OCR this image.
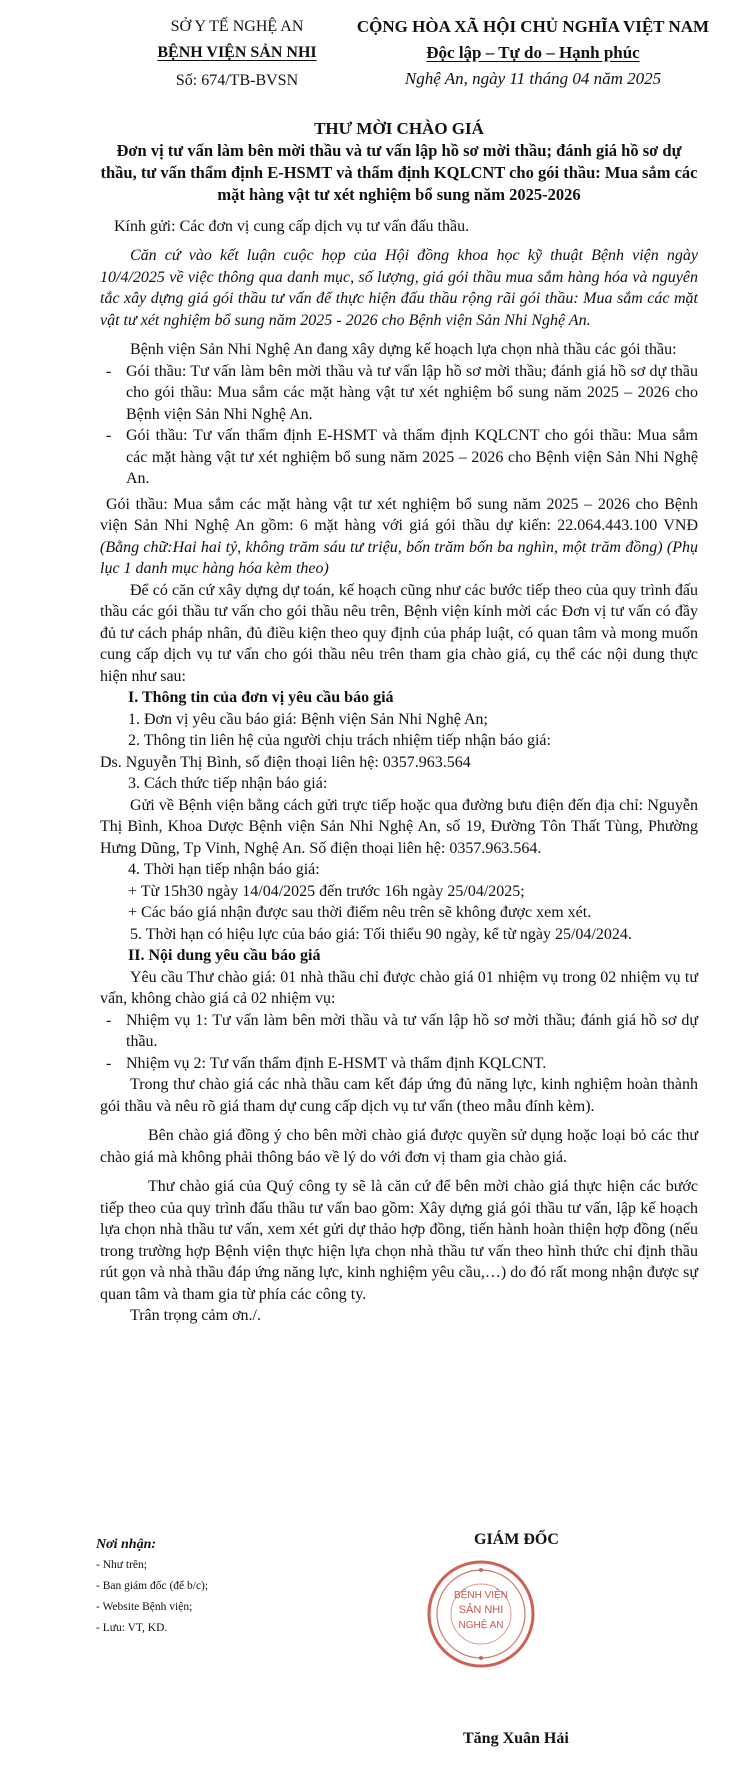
SỞ Y TẾ NGHỆ AN
BỆNH VIỆN SẢN NHI
Số: 674/TB-BVSN
CỘNG HÒA XÃ HỘI CHỦ NGHĨA VIỆT NAM
Độc lập – Tự do – Hạnh phúc
Nghệ An, ngày 11 tháng 04 năm 2025
THƯ MỜI CHÀO GIÁ
Đơn vị tư vấn làm bên mời thầu và tư vấn lập hồ sơ mời thầu; đánh giá hồ sơ dự thầu, tư vấn thẩm định E-HSMT và thẩm định KQLCNT cho gói thầu: Mua sắm các mặt hàng vật tư xét nghiệm bổ sung năm 2025-2026
Kính gửi: Các đơn vị cung cấp dịch vụ tư vấn đấu thầu.

Căn cứ vào kết luận cuộc họp của Hội đồng khoa học kỹ thuật Bệnh viện ngày 10/4/2025 về việc thông qua danh mục, số lượng, giá gói thầu mua sắm hàng hóa và nguyên tắc xây dựng giá gói thầu tư vấn để thực hiện đấu thầu rộng rãi gói thầu: Mua sắm các mặt vật tư xét nghiệm bổ sung năm 2025 - 2026 cho Bệnh viện Sản Nhi Nghệ An.

Bệnh viện Sản Nhi Nghệ An đang xây dựng kế hoạch lựa chọn nhà thầu các gói thầu:

- Gói thầu: Tư vấn làm bên mời thầu và tư vấn lập hồ sơ mời thầu; đánh giá hồ sơ dự thầu cho gói thầu: Mua sắm các mặt hàng vật tư xét nghiệm bổ sung năm 2025 – 2026 cho Bệnh viện Sản Nhi Nghệ An.
- Gói thầu: Tư vấn thẩm định E-HSMT và thẩm định KQLCNT cho gói thầu: Mua sắm các mặt hàng vật tư xét nghiệm bổ sung năm 2025 – 2026 cho Bệnh viện Sản Nhi Nghệ An.

Gói thầu: Mua sắm các mặt hàng vật tư xét nghiệm bổ sung năm 2025 – 2026 cho Bệnh viện Sản Nhi Nghệ An gồm: 6 mặt hàng với giá gói thầu dự kiến: 22.064.443.100 VNĐ (Bằng chữ:Hai hai tỷ, không trăm sáu tư triệu, bốn trăm bốn ba nghìn, một trăm đồng) (Phụ lục 1 danh mục hàng hóa kèm theo)

Để có căn cứ xây dựng dự toán, kế hoạch cũng như các bước tiếp theo của quy trình đấu thầu các gói thầu tư vấn cho gói thầu nêu trên, Bệnh viện kính mời các Đơn vị tư vấn có đầy đủ tư cách pháp nhân, đủ điều kiện theo quy định của pháp luật, có quan tâm và mong muốn cung cấp dịch vụ tư vấn cho gói thầu nêu trên tham gia chào giá, cụ thể các nội dung thực hiện như sau:

I. Thông tin của đơn vị yêu cầu báo giá

1. Đơn vị yêu cầu báo giá: Bệnh viện Sản Nhi Nghệ An;

2. Thông tin liên hệ của người chịu trách nhiệm tiếp nhận báo giá:

Ds. Nguyễn Thị Bình, số điện thoại liên hệ: 0357.963.564

3. Cách thức tiếp nhận báo giá:

Gửi về Bệnh viện bằng cách gửi trực tiếp hoặc qua đường bưu điện đến địa chỉ: Nguyễn Thị Bình, Khoa Dược Bệnh viện Sản Nhi Nghệ An, số 19, Đường Tôn Thất Tùng, Phường Hưng Dũng, Tp Vinh, Nghệ An. Số điện thoại liên hệ: 0357.963.564.

4. Thời hạn tiếp nhận báo giá:

+ Từ 15h30 ngày 14/04/2025 đến trước 16h ngày 25/04/2025;

+ Các báo giá nhận được sau thời điểm nêu trên sẽ không được xem xét.

5. Thời hạn có hiệu lực của báo giá: Tối thiểu 90 ngày, kể từ ngày 25/04/2024.

II. Nội dung yêu cầu báo giá

Yêu cầu Thư chào giá: 01 nhà thầu chỉ được chào giá 01 nhiệm vụ trong 02 nhiệm vụ tư vấn, không chào giá cả 02 nhiệm vụ:

- Nhiệm vụ 1: Tư vấn làm bên mời thầu và tư vấn lập hồ sơ mời thầu; đánh giá hồ sơ dự thầu.
- Nhiệm vụ 2: Tư vấn thẩm định E-HSMT và thẩm định KQLCNT.

Trong thư chào giá các nhà thầu cam kết đáp ứng đủ năng lực, kinh nghiệm hoàn thành gói thầu và nêu rõ giá tham dự cung cấp dịch vụ tư vấn (theo mẫu đính kèm).

Bên chào giá đồng ý cho bên mời chào giá được quyền sử dụng hoặc loại bỏ các thư chào giá mà không phải thông báo về lý do với đơn vị tham gia chào giá.

Thư chào giá của Quý công ty sẽ là căn cứ để bên mời chào giá thực hiện các bước tiếp theo của quy trình đấu thầu tư vấn bao gồm: Xây dựng giá gói thầu tư vấn, lập kế hoạch lựa chọn nhà thầu tư vấn, xem xét gửi dự thảo hợp đồng, tiến hành hoàn thiện hợp đồng (nếu trong trường hợp Bệnh viện thực hiện lựa chọn nhà thầu tư vấn theo hình thức chỉ định thầu rút gọn và nhà thầu đáp ứng năng lực, kinh nghiệm yêu cầu,…) do đó rất mong nhận được sự quan tâm và tham gia từ phía các công ty.

Trân trọng cảm ơn./.

Nơi nhận:
- Như trên;
- Ban giám đốc (để b/c);
- Website Bệnh viện;
- Lưu: VT, KD.
GIÁM ĐỐC
BỆNH VIỆN
SẢN NHI
NGHỆ AN
Tăng Xuân Hải
